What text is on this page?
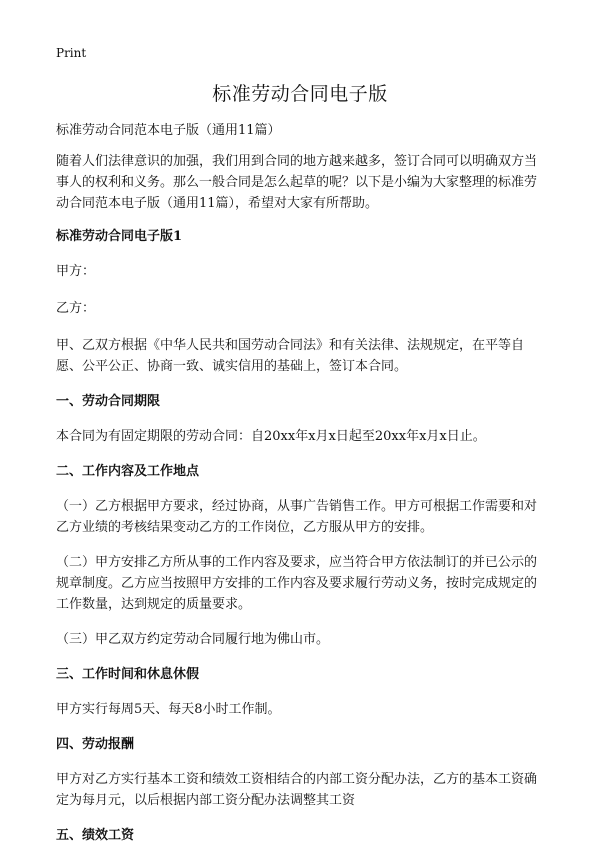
Print
标准劳动合同电子版

标准劳动合同范本电子版（通用11篇）

随着人们法律意识的加强，我们用到合同的地方越来越多，签订合同可以明确双方当事人的权利和义务。那么一般合同是怎么起草的呢？以下是小编为大家整理的标准劳动合同范本电子版（通用11篇），希望对大家有所帮助。

标准劳动合同电子版1

甲方：

乙方：

甲、乙双方根据《中华人民共和国劳动合同法》和有关法律、法规规定，在平等自愿、公平公正、协商一致、诚实信用的基础上，签订本合同。

一、劳动合同期限

本合同为有固定期限的劳动合同：自20xx年x月x日起至20xx年x月x日止。

二、工作内容及工作地点

（一）乙方根据甲方要求，经过协商，从事广告销售工作。甲方可根据工作需要和对乙方业绩的考核结果变动乙方的工作岗位，乙方服从甲方的安排。

（二）甲方安排乙方所从事的工作内容及要求，应当符合甲方依法制订的并已公示的规章制度。乙方应当按照甲方安排的工作内容及要求履行劳动义务，按时完成规定的工作数量，达到规定的质量要求。

（三）甲乙双方约定劳动合同履行地为佛山市。

三、工作时间和休息休假

甲方实行每周5天、每天8小时工作制。

四、劳动报酬

甲方对乙方实行基本工资和绩效工资相结合的内部工资分配办法，乙方的基本工资确定为每月元，以后根据内部工资分配办法调整其工资

五、绩效工资
